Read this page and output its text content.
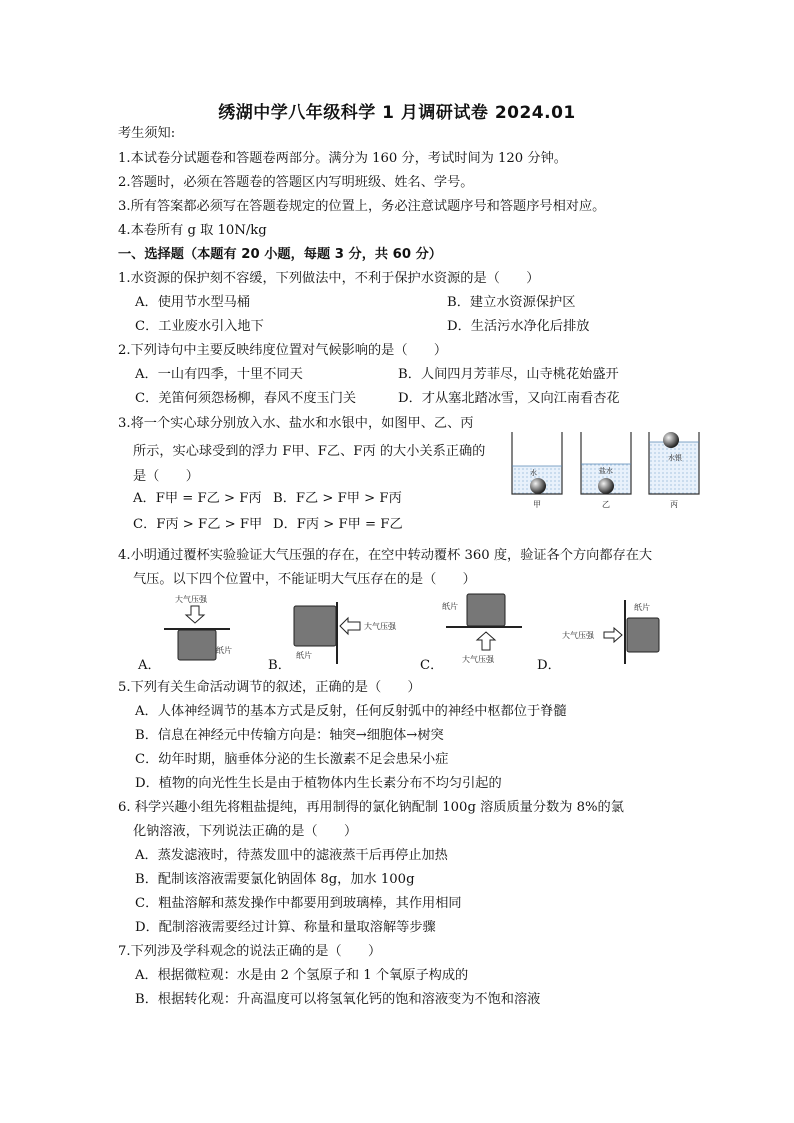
绣湖中学八年级科学 1 月调研试卷 2024.01
考生须知:
1.本试卷分试题卷和答题卷两部分。满分为 160 分，考试时间为 120 分钟。
2.答题时，必须在答题卷的答题区内写明班级、姓名、学号。
3.所有答案都必须写在答题卷规定的位置上，务必注意试题序号和答题序号相对应。
4.本卷所有 g 取 10N/kg
一、选择题（本题有 20 小题，每题 3 分，共 60 分）
1.水资源的保护刻不容缓，下列做法中，不利于保护水资源的是（　　）
A．使用节水型马桶	B．建立水资源保护区
C．工业废水引入地下	D．生活污水净化后排放
2.下列诗句中主要反映纬度位置对气候影响的是（　　）
A．一山有四季，十里不同天	B．人间四月芳菲尽，山寺桃花始盛开
C．羌笛何须怨杨柳，春风不度玉门关	D．才从塞北踏冰雪，又向江南看杏花
3.将一个实心球分别放入水、盐水和水银中，如图甲、乙、丙
所示，实心球受到的浮力 F甲、F乙、F丙 的大小关系正确的
是（　　）
A．F甲 = F乙 > F丙 B．F乙 > F甲 > F丙
C．F丙 > F乙 > F甲 D．F丙 > F甲 = F乙
水	盐水
水银
甲	乙	丙
4.小明通过覆杯实验验证大气压强的存在，在空中转动覆杯 360 度，验证各个方向都存在大
气压。以下四个位置中，不能证明大气压存在的是（　　）
大气压强
纸片
大气压强
纸片
纸片
大气压强
纸片
大气压强
A．	B．	C．	D．
5.下列有关生命活动调节的叙述，正确的是（　　）
A．人体神经调节的基本方式是反射，任何反射弧中的神经中枢都位于脊髓
B．信息在神经元中传输方向是：轴突→细胞体→树突
C．幼年时期，脑垂体分泌的生长激素不足会患呆小症
D．植物的向光性生长是由于植物体内生长素分布不均匀引起的
6. 科学兴趣小组先将粗盐提纯，再用制得的氯化钠配制 100g 溶质质量分数为 8%的氯
化钠溶液，下列说法正确的是（　　）
A．蒸发滤液时，待蒸发皿中的滤液蒸干后再停止加热
B．配制该溶液需要氯化钠固体 8g，加水 100g
C．粗盐溶解和蒸发操作中都要用到玻璃棒，其作用相同
D．配制溶液需要经过计算、称量和量取溶解等步骤
7.下列涉及学科观念的说法正确的是（　　）
A．根据微粒观：水是由 2 个氢原子和 1 个氧原子构成的
B．根据转化观：升高温度可以将氢氧化钙的饱和溶液变为不饱和溶液
